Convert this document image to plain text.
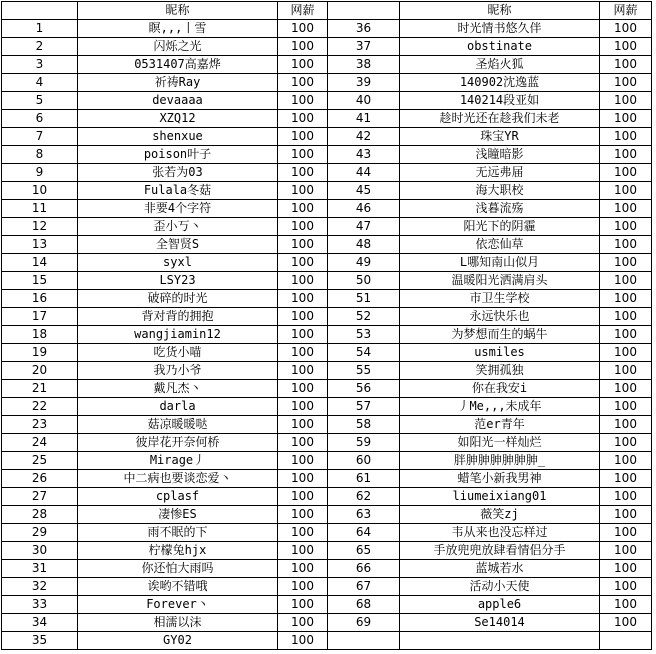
	昵称	网薪		昵称	网薪
1	瞑,,,丨雪	100	36	时光情书悠久伴	100
2	闪烁之光	100	37	obstinate	100
3	0531407高嘉烨	100	38	圣焰火狐	100
4	祈祷Ray	100	39	140902沈逸蓝	100
5	devaaaa	100	40	140214段亚如	100
6	XZQ12	100	41	趁时光还在趁我们未老	100
7	shenxue	100	42	珠宝YR	100
8	poison叶子	100	43	浅瞳暗影	100
9	张若为03	100	44	无远弗届	100
10	Fulala冬菇	100	45	海大职校	100
11	非要4个字符	100	46	浅暮流殇	100
12	歪小丂丶	100	47	阳光下的阴霾	100
13	全智贤S	100	48	依恋仙草	100
14	syxl	100	49	L哪知南山似月	100
15	LSY23	100	50	温暖阳光洒满肩头	100
16	破碎的时光	100	51	市卫生学校	100
17	背对背的拥抱	100	52	永远快乐也	100
18	wangjiamin12	100	53	为梦想而生的蜗牛	100
19	吃货小喵	100	54	usmiles	100
20	我乃小爷	100	55	笑拥孤独	100
21	戴凡杰丶	100	56	你在我安i	100
22	darla	100	57	丿Me,,,未成年	100
23	菇凉暖暖哒	100	58	范er青年	100
24	彼岸花开奈何桥	100	59	如阳光一样灿烂	100
25	Mirage丿	100	60	胖胂胂胂胂胂胂_	100
26	中二病也要谈恋爱丶	100	61	蜡笔小新我男神	100
27	cplasf	100	62	liumeixiang01	100
28	凄惨ES	100	63	薇笑zj	100
29	雨不眠的下	100	64	韦从来也没忘样过	100
30	柠檬兔hjx	100	65	手放兜兜放肆看情侣分手	100
31	你还怕大雨吗	100	66	蓝城若水	100
32	诶哟不错哦	100	67	活动小天使	100
33	Forever丶	100	68	apple6	100
34	相濡以沫	100	69	Se14014	100
35	GY02	100			
